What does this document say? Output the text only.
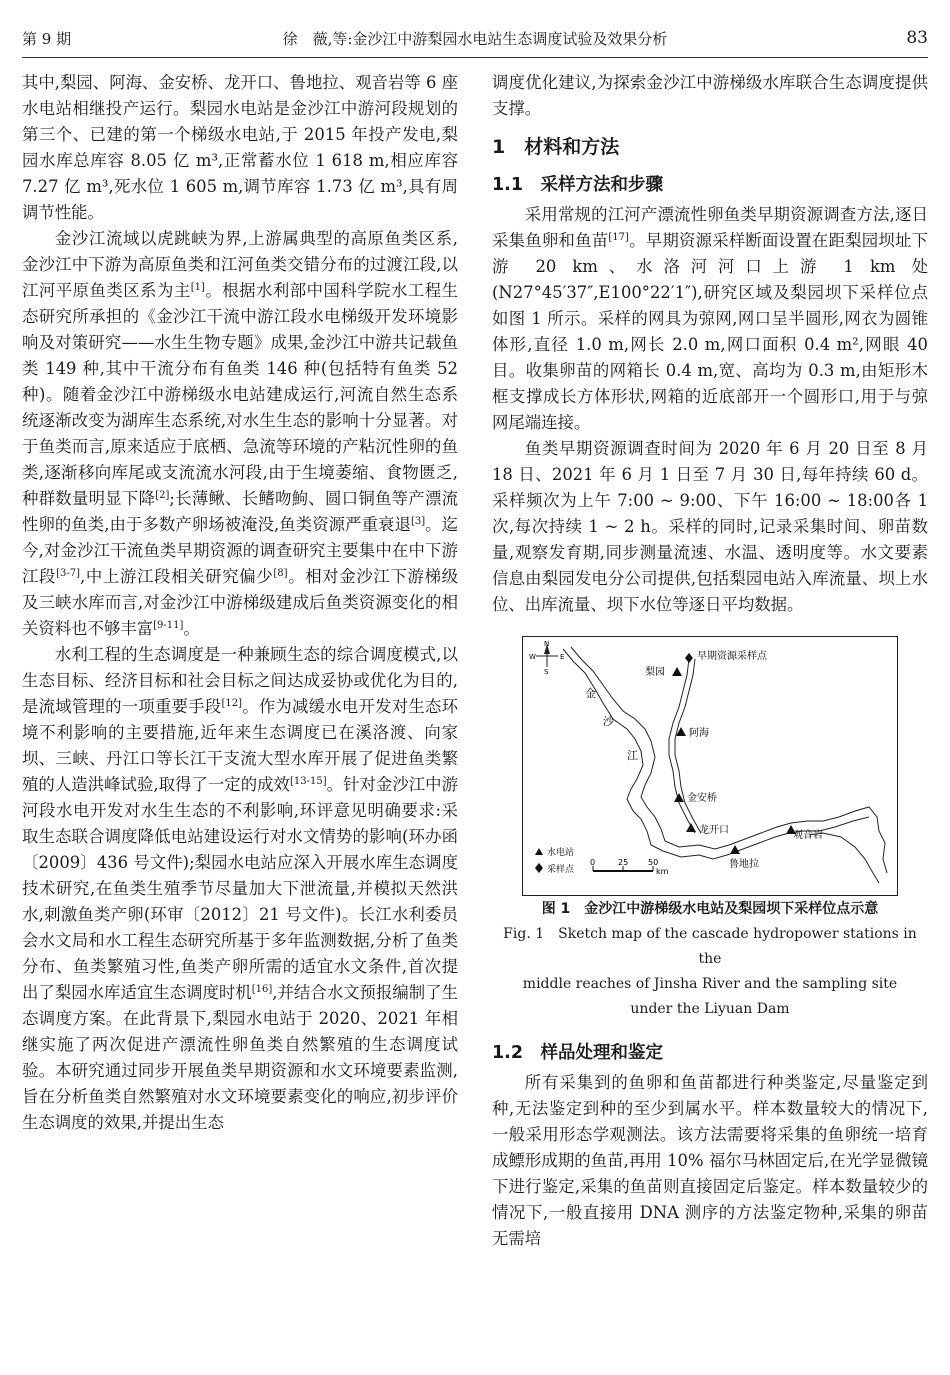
第 9 期	徐　薇,等:金沙江中游梨园水电站生态调度试验及效果分析	83

其中,梨园、阿海、金安桥、龙开口、鲁地拉、观音岩等 6 座水电站相继投产运行。梨园水电站是金沙江中游河段规划的第三个、已建的第一个梯级水电站,于 2015 年投产发电,梨园水库总库容 8.05 亿 m³,正常蓄水位 1 618 m,相应库容 7.27 亿 m³,死水位 1 605 m,调节库容 1.73 亿 m³,具有周调节性能。

金沙江流域以虎跳峡为界,上游属典型的高原鱼类区系,金沙江中下游为高原鱼类和江河鱼类交错分布的过渡江段,以江河平原鱼类区系为主[1]。根据水利部中国科学院水工程生态研究所承担的《金沙江干流中游江段水电梯级开发环境影响及对策研究——水生生物专题》成果,金沙江中游共记载鱼类 149 种,其中干流分布有鱼类 146 种(包括特有鱼类 52 种)。随着金沙江中游梯级水电站建成运行,河流自然生态系统逐渐改变为湖库生态系统,对水生生态的影响十分显著。对于鱼类而言,原来适应于底栖、急流等环境的产粘沉性卵的鱼类,逐渐移向库尾或支流流水河段,由于生境萎缩、食物匮乏,种群数量明显下降[2];长薄鳅、长鳍吻鮈、圆口铜鱼等产漂流性卵的鱼类,由于多数产卵场被淹没,鱼类资源严重衰退[3]。迄今,对金沙江干流鱼类早期资源的调查研究主要集中在中下游江段[3-7],中上游江段相关研究偏少[8]。相对金沙江下游梯级及三峡水库而言,对金沙江中游梯级建成后鱼类资源变化的相关资料也不够丰富[9-11]。

水利工程的生态调度是一种兼顾生态的综合调度模式,以生态目标、经济目标和社会目标之间达成妥协或优化为目的,是流域管理的一项重要手段[12]。作为减缓水电开发对生态环境不利影响的主要措施,近年来生态调度已在溪洛渡、向家坝、三峡、丹江口等长江干支流大型水库开展了促进鱼类繁殖的人造洪峰试验,取得了一定的成效[13-15]。针对金沙江中游河段水电开发对水生生态的不利影响,环评意见明确要求:采取生态联合调度降低电站建设运行对水文情势的影响(环办函〔2009〕436 号文件);梨园水电站应深入开展水库生态调度技术研究,在鱼类生殖季节尽量加大下泄流量,并模拟天然洪水,刺激鱼类产卵(环审〔2012〕21 号文件)。长江水利委员会水文局和水工程生态研究所基于多年监测数据,分析了鱼类分布、鱼类繁殖习性,鱼类产卵所需的适宜水文条件,首次提出了梨园水库适宜生态调度时机[16],并结合水文预报编制了生态调度方案。在此背景下,梨园水电站于 2020、2021 年相继实施了两次促进产漂流性卵鱼类自然繁殖的生态调度试验。本研究通过同步开展鱼类早期资源和水文环境要素监测,旨在分析鱼类自然繁殖对水文环境要素变化的响应,初步评价生态调度的效果,并提出生态

调度优化建议,为探索金沙江中游梯级水库联合生态调度提供支撑。

1　材料和方法

1.1　采样方法和步骤

采用常规的江河产漂流性卵鱼类早期资源调查方法,逐日采集鱼卵和鱼苗[17]。早期资源采样断面设置在距梨园坝址下游 20 km、水洛河河口上游 1 km 处(N27°45′37″,E100°22′1″),研究区域及梨园坝下采样位点如图 1 所示。采样的网具为弶网,网口呈半圆形,网衣为圆锥体形,直径 1.0 m,网长 2.0 m,网口面积 0.4 m²,网眼 40 目。收集卵苗的网箱长 0.4 m,宽、高均为 0.3 m,由矩形木框支撑成长方体形状,网箱的近底部开一个圆形口,用于与弶网尾端连接。

鱼类早期资源调查时间为 2020 年 6 月 20 日至 8 月 18 日、2021 年 6 月 1 日至 7 月 30 日,每年持续 60 d。采样频次为上午 7:00 ~ 9:00、下午 16:00 ~ 18:00各 1 次,每次持续 1 ~ 2 h。采样的同时,记录采集时间、卵苗数量,观察发育期,同步测量流速、水温、透明度等。水文要素信息由梨园发电分公司提供,包括梨园电站入库流量、坝上水位、出库流量、坝下水位等逐日平均数据。

N
W	E
S
金
沙
江
早期资源采样点
梨园
阿海
金安桥
龙开口	观音岩
鲁地拉
水电站
采样点
0	25 50
km

图 1　金沙江中游梯级水电站及梨园坝下采样位点示意

Fig. 1　Sketch map of the cascade hydropower stations in the

middle reaches of Jinsha River and the sampling site

under the Liyuan Dam

1.2　样品处理和鉴定

所有采集到的鱼卵和鱼苗都进行种类鉴定,尽量鉴定到种,无法鉴定到种的至少到属水平。样本数量较大的情况下,一般采用形态学观测法。该方法需要将采集的鱼卵统一培育成鳔形成期的鱼苗,再用 10% 福尔马林固定后,在光学显微镜下进行鉴定,采集的鱼苗则直接固定后鉴定。样本数量较少的情况下,一般直接用 DNA 测序的方法鉴定物种,采集的卵苗无需培
